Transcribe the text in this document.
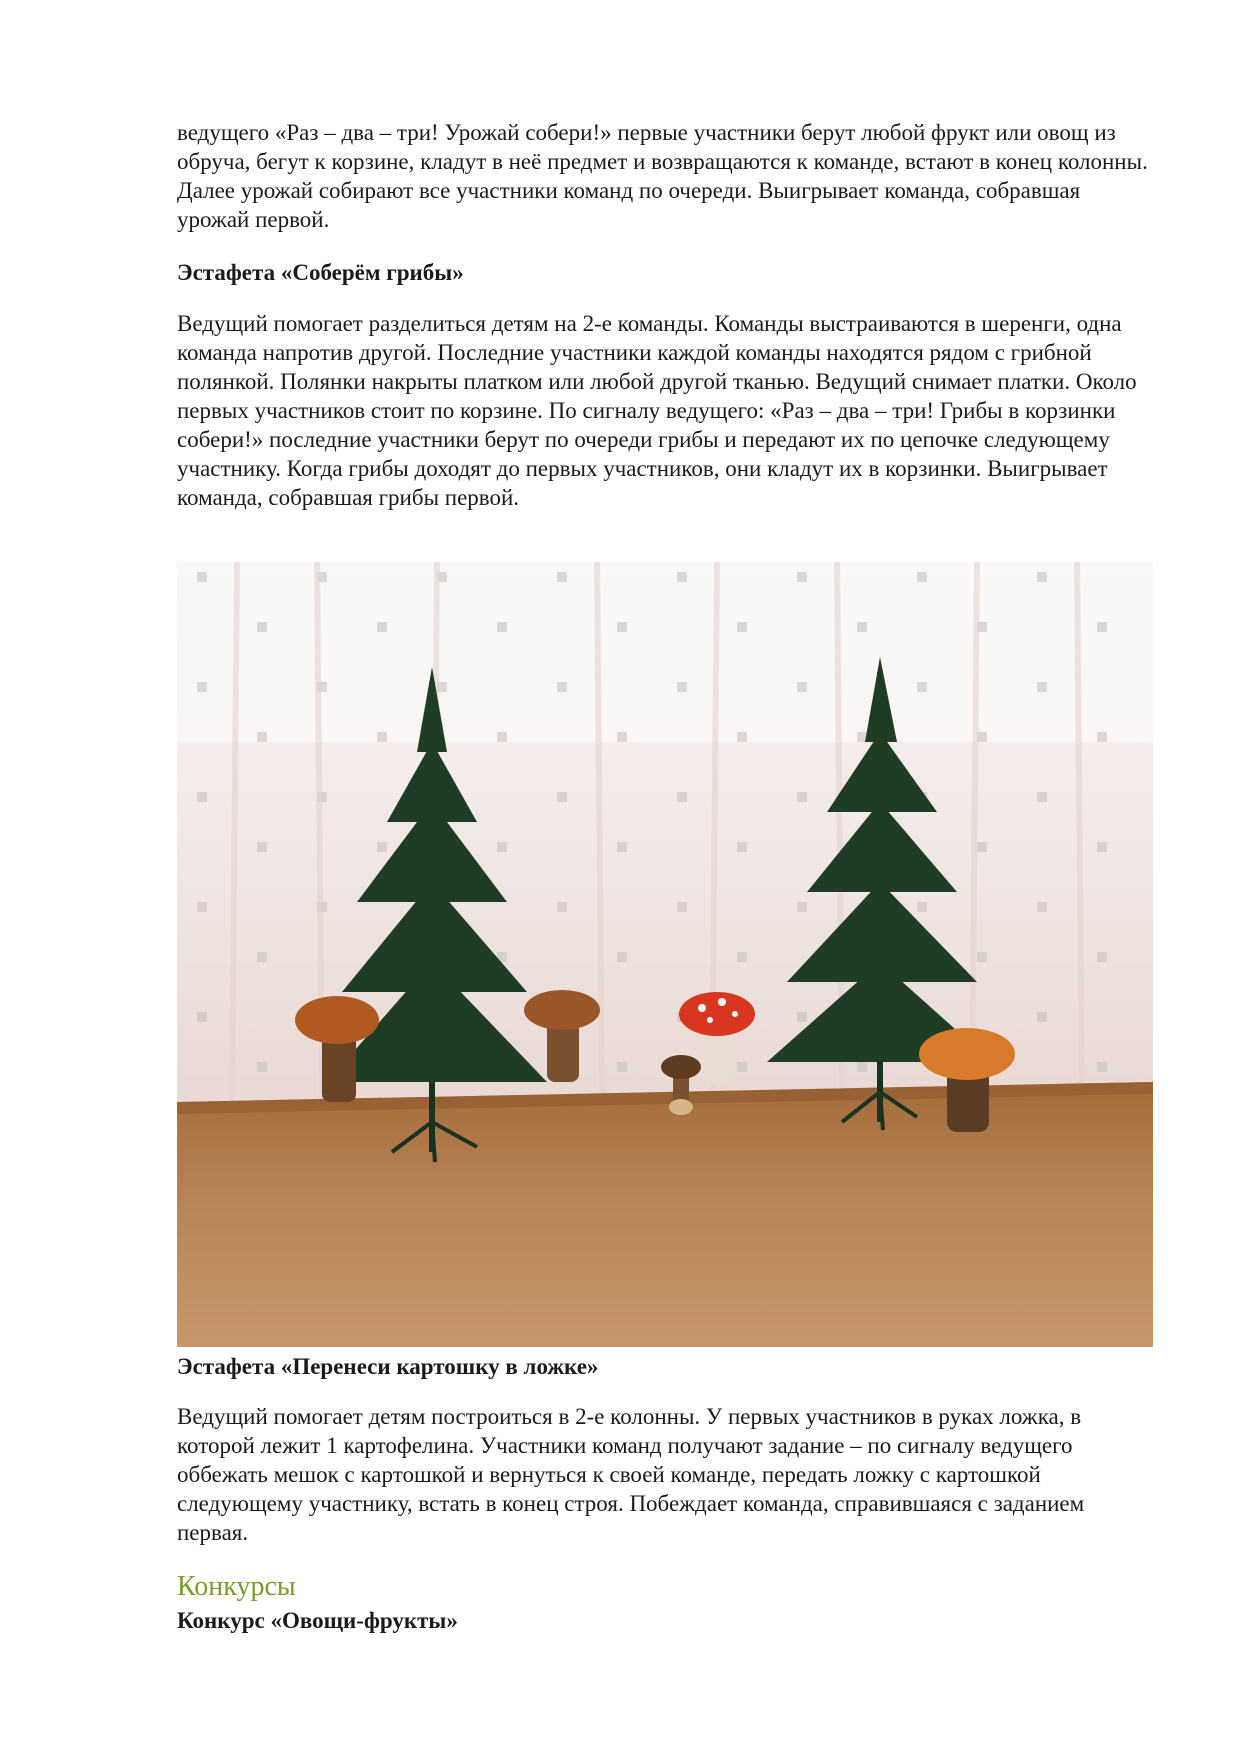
ведущего «Раз – два – три! Урожай собери!» первые участники берут любой фрукт или овощ из обруча, бегут к корзине, кладут в неё предмет и возвращаются к команде, встают в конец колонны. Далее урожай собирают все участники команд по очереди. Выигрывает команда, собравшая урожай первой.

Эстафета «Соберём грибы»

Ведущий помогает разделиться детям на 2-е команды. Команды выстраиваются в шеренги, одна команда напротив другой. Последние участники каждой команды находятся рядом с грибной полянкой. Полянки накрыты платком или любой другой тканью. Ведущий снимает платки. Около первых участников стоит по корзине. По сигналу ведущего: «Раз – два – три! Грибы в корзинки собери!» последние участники берут по очереди грибы и передают их по цепочке следующему участнику. Когда грибы доходят до первых участников, они кладут их в корзинки. Выигрывает команда, собравшая грибы первой.

Эстафета «Перенеси картошку в ложке»

Ведущий помогает детям построиться в 2-е колонны. У первых участников в руках ложка, в которой лежит 1 картофелина. Участники команд получают задание – по сигналу ведущего оббежать мешок с картошкой и вернуться к своей команде, передать ложку с картошкой следующему участнику, встать в конец строя. Побеждает команда, справившаяся с заданием первая.

Конкурсы
Конкурс «Овощи-фрукты»
